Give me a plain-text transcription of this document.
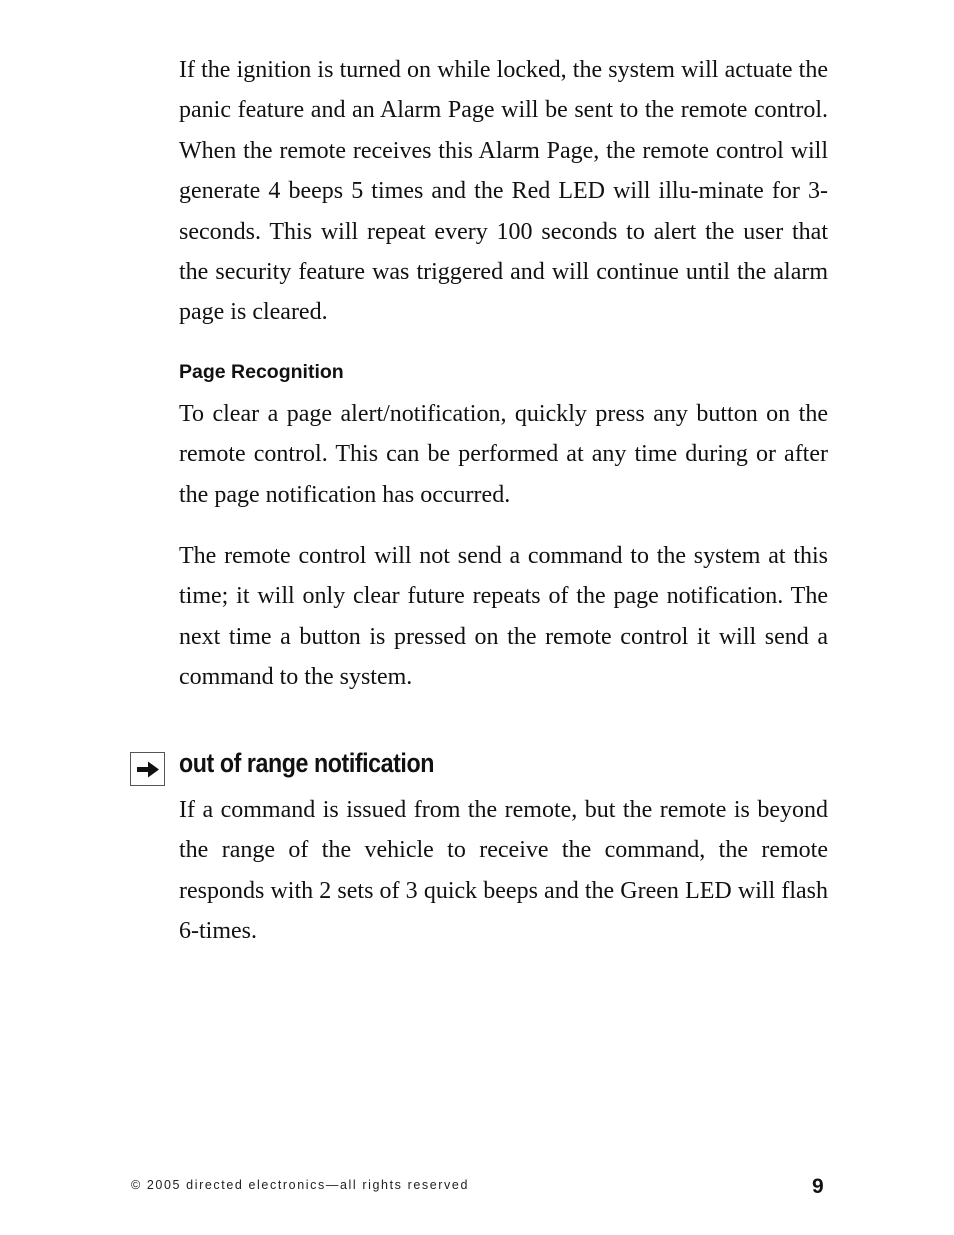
If the ignition is turned on while locked, the system will actuate the panic feature and an Alarm Page will be sent to the remote control. When the remote receives this Alarm Page, the remote control will generate 4 beeps 5 times and the Red LED will illu-minate for 3-seconds. This will repeat every 100 seconds to alert the user that the security feature was triggered and will continue until the alarm page is cleared.

Page Recognition

To clear a page alert/notification, quickly press any button on the remote control. This can be performed at any time during or after the page notification has occurred.

The remote control will not send a command to the system at this time; it will only clear future repeats of the page notification. The next time a button is pressed on the remote control it will send a command to the system.

out of range notification

If a command is issued from the remote, but the remote is beyond the range of the vehicle to receive the command, the remote responds with 2 sets of 3 quick beeps and the Green LED will flash 6-times.

© 2005 directed electronics—all rights reserved	9
